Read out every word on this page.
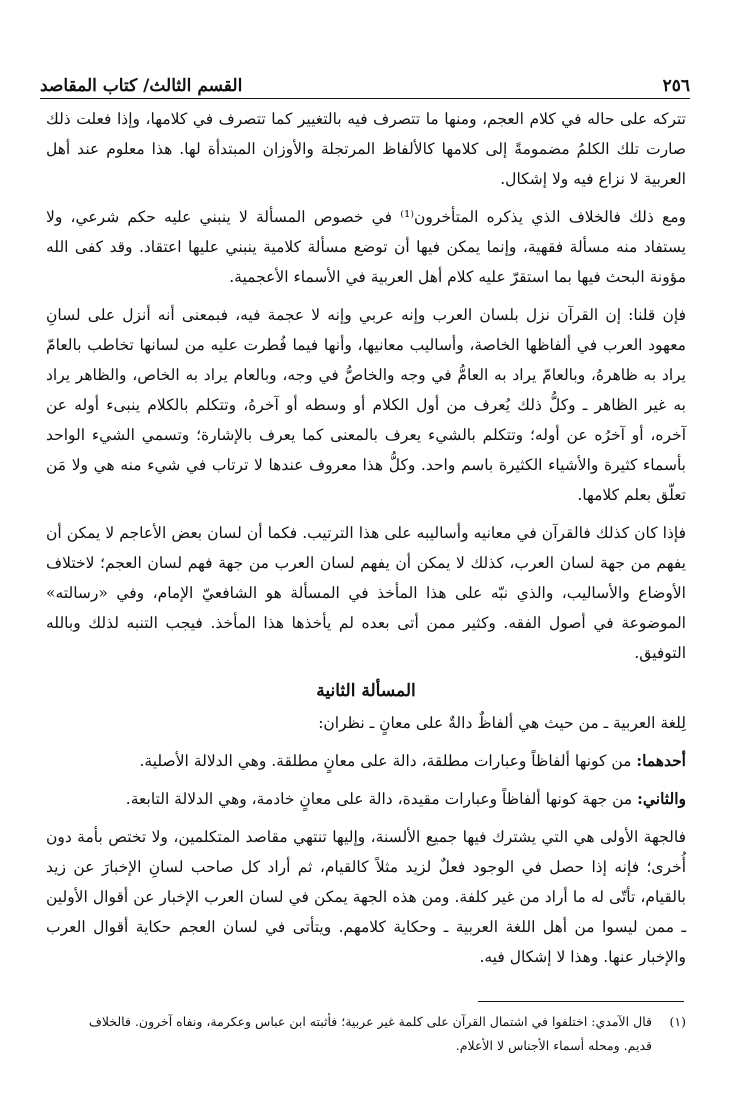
٢٥٦
القسم الثالث/ كتاب المقاصد

تتركه على حاله في كلام العجم، ومنها ما تتصرف فيه بالتغيير كما تتصرف في كلامها، وإذا فعلت ذلك صارت تلك الكلمُ مضمومةً إلى كلامها كالألفاظ المرتجلة والأوزان المبتدأة لها. هذا معلوم عند أهل العربية لا نزاع فيه ولا إشكال.

ومع ذلك فالخلاف الذي يذكره المتأخرون⁽¹⁾ في خصوص المسألة لا ينبني عليه حكم شرعي، ولا يستفاد منه مسألة فقهية، وإنما يمكن فيها أن توضع مسألة كلامية ينبني عليها اعتقاد. وقد كفى الله مؤونة البحث فيها بما استقرّ عليه كلام أهل العربية في الأسماء الأعجمية.

فإن قلنا: إن القرآن نزل بلسان العرب وإنه عربي وإنه لا عجمة فيه، فبمعنى أنه أنزل على لسانِ معهود العرب في ألفاظها الخاصة، وأساليب معانيها، وأنها فيما فُطرت عليه من لسانها تخاطب بالعامّ يراد به ظاهرهُ، وبالعامّ يراد به العامُّ في وجه والخاصُّ في وجه، وبالعام يراد به الخاص، والظاهر يراد به غير الظاهر ـ وكلُّ ذلك يُعرف من أول الكلام أو وسطه أو آخرهُ، وتتكلم بالكلام ينبىء أوله عن آخره، أو آخرُه عن أوله؛ وتتكلم بالشيء يعرف بالمعنى كما يعرف بالإشارة؛ وتسمي الشيء الواحد بأسماء كثيرة والأشياء الكثيرة باسم واحد. وكلُّ هذا معروف عندها لا ترتاب في شيء منه هي ولا مَن تعلّق بعلم كلامها.

فإذا كان كذلك فالقرآن في معانيه وأساليبه على هذا الترتيب. فكما أن لسان بعض الأعاجم لا يمكن أن يفهم من جهة لسان العرب، كذلك لا يمكن أن يفهم لسان العرب من جهة فهم لسان العجم؛ لاختلاف الأوضاع والأساليب، والذي نبّه على هذا المأخذ في المسألة هو الشافعيّ الإمام، وفي «رسالته» الموضوعة في أصول الفقه. وكثير ممن أتى بعده لم يأخذها هذا المأخذ. فيجب التنبه لذلك وبالله التوفيق.

المسألة الثانية

لِلغة العربية ـ من حيث هي ألفاظٌ دالةٌ على معانٍ ـ نظران:

أحدهما: من كونها ألفاظاً وعبارات مطلقة، دالة على معانٍ مطلقة. وهي الدلالة الأصلية.

والثاني: من جهة كونها ألفاظاً وعبارات مقيدة، دالة على معانٍ خادمة، وهي الدلالة التابعة.

فالجهة الأولى هي التي يشترك فيها جميع الألسنة، وإليها تنتهي مقاصد المتكلمين، ولا تختص بأمة دون أُخرى؛ فإنه إذا حصل في الوجود فعلٌ لزيد مثلاً كالقيام، ثم أراد كل صاحب لسانِ الإخبارَ عن زيد بالقيام، تأتّى له ما أراد من غير كلفة. ومن هذه الجهة يمكن في لسان العرب الإخبار عن أقوال الأولين ـ ممن ليسوا من أهل اللغة العربية ـ وحكاية كلامهم. ويتأتى في لسان العجم حكاية أقوال العرب والإخبار عنها. وهذا لا إشكال فيه.

(١)قال الآمدي: اختلفوا في اشتمال القرآن على كلمة غير عربية؛ فأثبته ابن عباس وعكرمة، ونفاه آخرون. فالخلاف
قديم. ومحله أسماء الأجناس لا الأعلام.
